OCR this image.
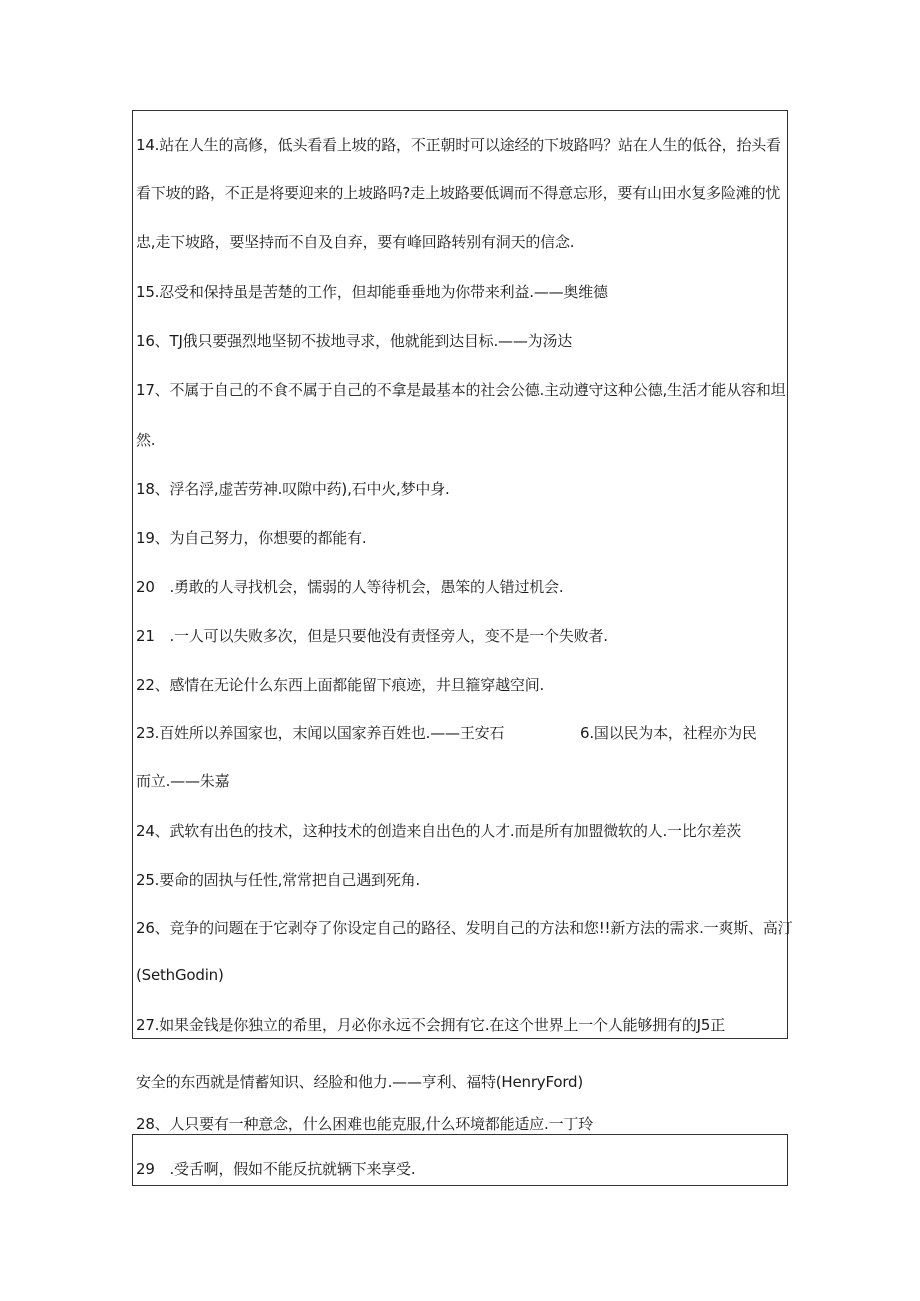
14.站在人生的高修，低头看看上坡的路，不正朝时可以途经的下坡路吗？站在人生的低谷，抬头看
看下坡的路，不正是将要迎来的上坡路吗?走上坡路要低调而不得意忘形，要有山田水复多险滩的忧
忠,走下坡路，要坚持而不自及自弃，要有峰回路转别有洞天的信念.
15.忍受和保持虽是苦楚的工作，但却能垂垂地为你带来利益.——奥维德
16、TJ俄只要强烈地坚韧不拔地寻求，他就能到达目标.——为汤达
17、不属于自己的不食不属于自己的不拿是最基本的社会公德.主动遵守这种公德,生活才能从容和坦
然.
18、浮名浮,虚苦劳神.叹隙中药),石中火,梦中身.
19、为自己努力，你想要的都能有.
20　.勇敢的人寻找机会，懦弱的人等待机会，愚笨的人错过机会.
21　.一人可以失败多次，但是只要他没有责怪旁人，变不是一个失败者.
22、感情在无论什么东西上面都能留下痕迹，井旦箍穿越空间.
23.百姓所以养国家也，末闻以国家养百姓也.——王安石	6.国以民为本，社程亦为民
而立.——朱嘉
24、武软有出色的技术，这种技术的创造来自出色的人才.而是所有加盟微软的人.一比尔差茨
25.要命的固执与任性,常常把自己遇到死角.
26、竞争的问题在于它剥夺了你设定自己的路径、发明自己的方法和您!!新方法的需求.一爽斯、高汀
(SethGodin)
27.如果金钱是你独立的希里，月必你永远不会拥有它.在这个世界上一个人能够拥有的J5正
安全的东西就是情蓄知识、经脸和他力.——亨利、福特(HenryFord)
28、人只要有一种意念，什么困难也能克服,什么环境都能适应.一丁玲
29　.受舌啊，假如不能反抗就辆下来享受.
